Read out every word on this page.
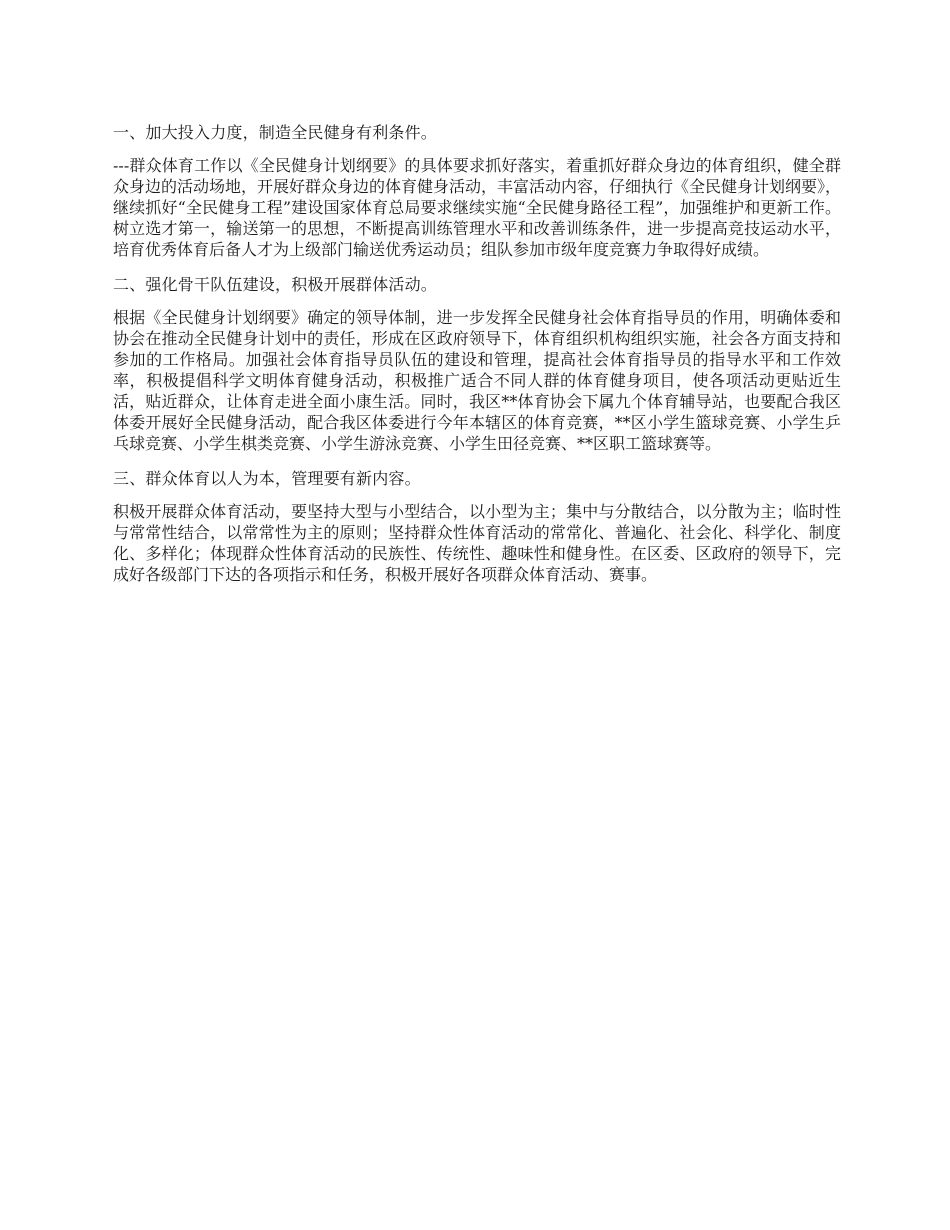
一、加大投入力度，制造全民健身有利条件。

---群众体育工作以《全民健身计划纲要》的具体要求抓好落实，着重抓好群众身边的体育组织，健全群众身边的活动场地，开展好群众身边的体育健身活动，丰富活动内容，仔细执行《全民健身计划纲要》，继续抓好“全民健身工程”建设国家体育总局要求继续实施“全民健身路径工程”，加强维护和更新工作。树立选才第一，输送第一的思想，不断提高训练管理水平和改善训练条件，进一步提高竞技运动水平，培育优秀体育后备人才为上级部门输送优秀运动员；组队参加市级年度竞赛力争取得好成绩。

二、强化骨干队伍建设，积极开展群体活动。

根据《全民健身计划纲要》确定的领导体制，进一步发挥全民健身社会体育指导员的作用，明确体委和协会在推动全民健身计划中的责任，形成在区政府领导下，体育组织机构组织实施，社会各方面支持和参加的工作格局。加强社会体育指导员队伍的建设和管理，提高社会体育指导员的指导水平和工作效率，积极提倡科学文明体育健身活动，积极推广适合不同人群的体育健身项目，使各项活动更贴近生活，贴近群众，让体育走进全面小康生活。同时，我区**体育协会下属九个体育辅导站，也要配合我区体委开展好全民健身活动，配合我区体委进行今年本辖区的体育竞赛，**区小学生篮球竞赛、小学生乒乓球竞赛、小学生棋类竞赛、小学生游泳竞赛、小学生田径竞赛、**区职工篮球赛等。

三、群众体育以人为本，管理要有新内容。

积极开展群众体育活动，要坚持大型与小型结合，以小型为主；集中与分散结合，以分散为主；临时性与常常性结合，以常常性为主的原则；坚持群众性体育活动的常常化、普遍化、社会化、科学化、制度化、多样化；体现群众性体育活动的民族性、传统性、趣味性和健身性。在区委、区政府的领导下，完成好各级部门下达的各项指示和任务，积极开展好各项群众体育活动、赛事。
